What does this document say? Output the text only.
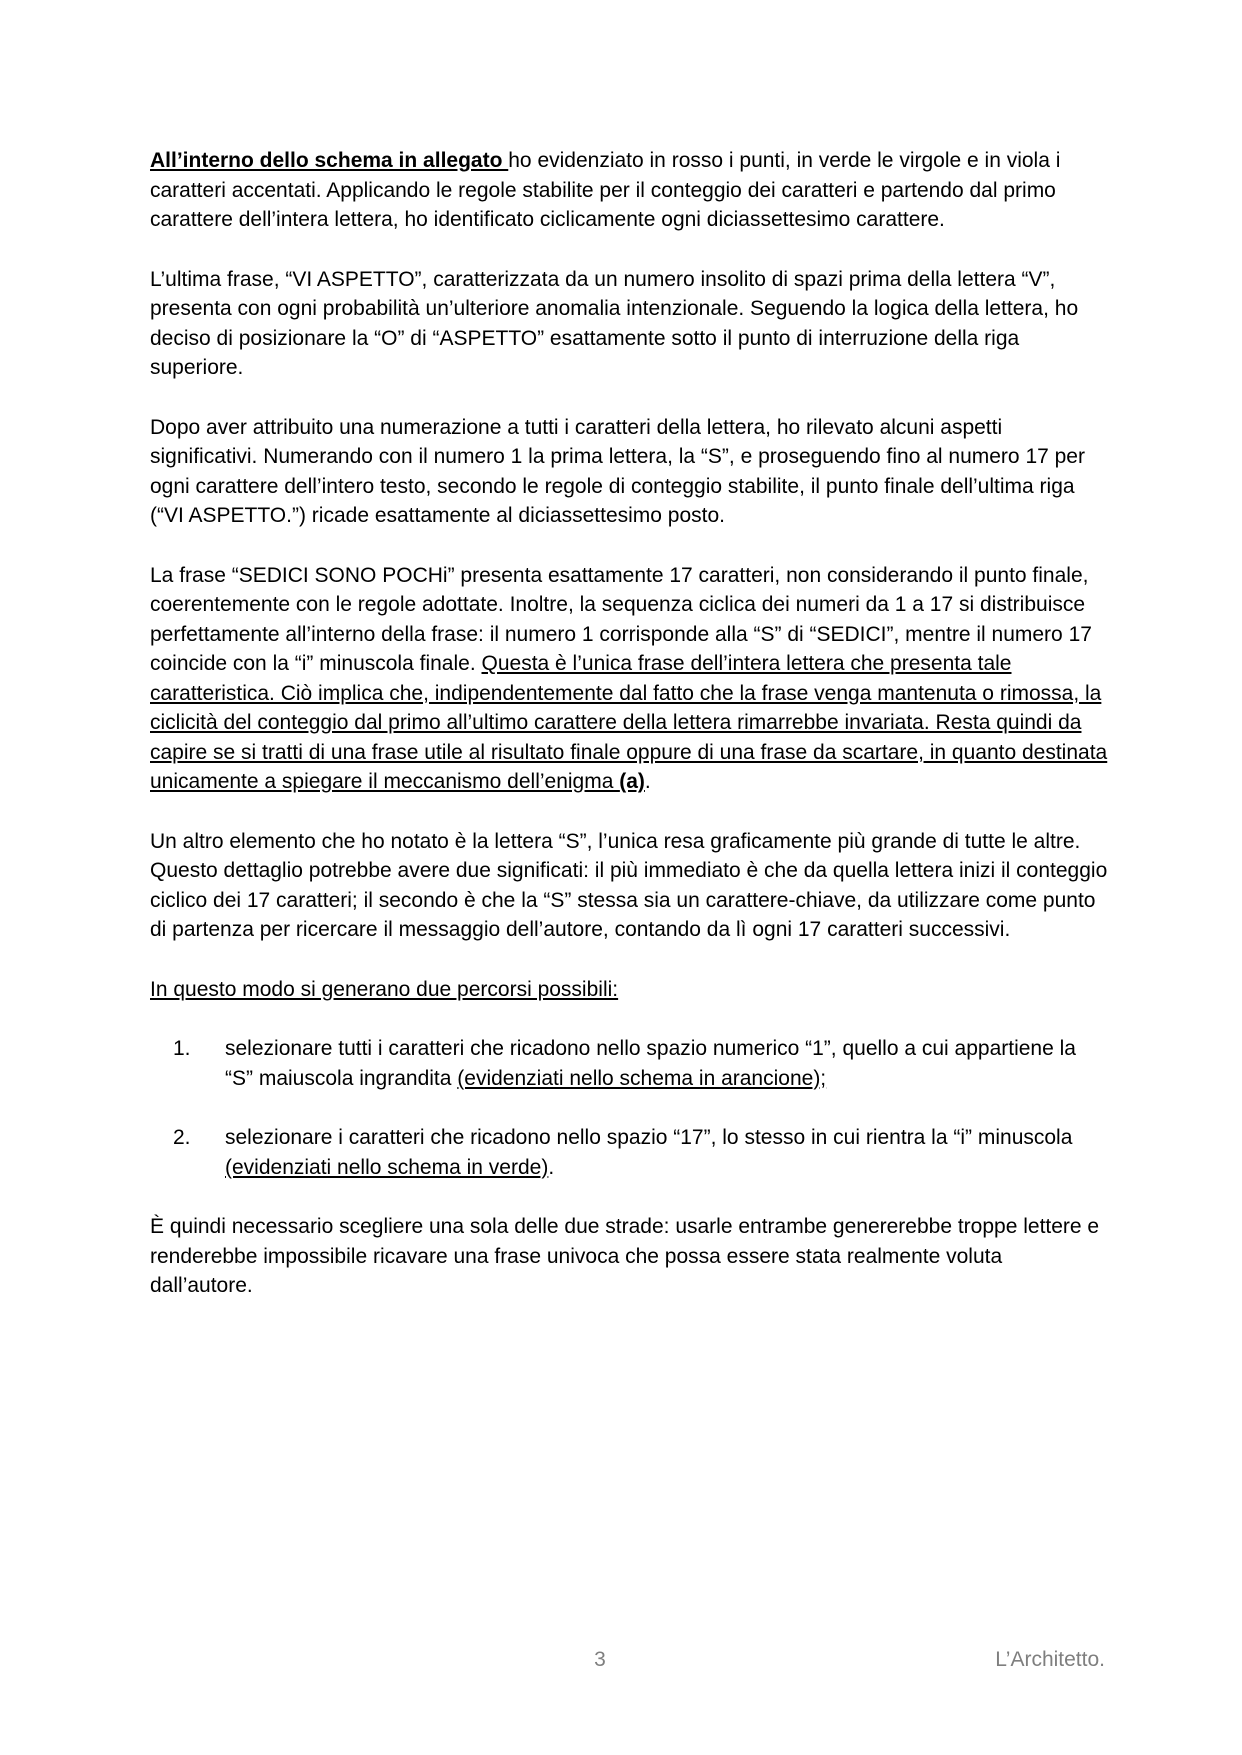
All’interno dello schema in allegato ho evidenziato in rosso i punti, in verde le virgole e in viola i caratteri accentati. Applicando le regole stabilite per il conteggio dei caratteri e partendo dal primo carattere dell’intera lettera, ho identificato ciclicamente ogni diciassettesimo carattere.

L’ultima frase, “VI ASPETTO”, caratterizzata da un numero insolito di spazi prima della lettera “V”, presenta con ogni probabilità un’ulteriore anomalia intenzionale. Seguendo la logica della lettera, ho deciso di posizionare la “O” di “ASPETTO” esattamente sotto il punto di interruzione della riga superiore.

Dopo aver attribuito una numerazione a tutti i caratteri della lettera, ho rilevato alcuni aspetti significativi. Numerando con il numero 1 la prima lettera, la “S”, e proseguendo fino al numero 17 per ogni carattere dell’intero testo, secondo le regole di conteggio stabilite, il punto finale dell’ultima riga (“VI ASPETTO.”) ricade esattamente al diciassettesimo posto.

La frase “SEDICI SONO POCHi” presenta esattamente 17 caratteri, non considerando il punto finale, coerentemente con le regole adottate. Inoltre, la sequenza ciclica dei numeri da 1 a 17 si distribuisce perfettamente all’interno della frase: il numero 1 corrisponde alla “S” di “SEDICI”, mentre il numero 17 coincide con la “i” minuscola finale. Questa è l’unica frase dell’intera lettera che presenta tale caratteristica. Ciò implica che, indipendentemente dal fatto che la frase venga mantenuta o rimossa, la ciclicità del conteggio dal primo all’ultimo carattere della lettera rimarrebbe invariata. Resta quindi da capire se si tratti di una frase utile al risultato finale oppure di una frase da scartare, in quanto destinata unicamente a spiegare il meccanismo dell’enigma (a).

Un altro elemento che ho notato è la lettera “S”, l’unica resa graficamente più grande di tutte le altre. Questo dettaglio potrebbe avere due significati: il più immediato è che da quella lettera inizi il conteggio ciclico dei 17 caratteri; il secondo è che la “S” stessa sia un carattere-chiave, da utilizzare come punto di partenza per ricercare il messaggio dell’autore, contando da lì ogni 17 caratteri successivi.

In questo modo si generano due percorsi possibili:

1. selezionare tutti i caratteri che ricadono nello spazio numerico “1”, quello a cui appartiene la “S” maiuscola ingrandita (evidenziati nello schema in arancione);
2. selezionare i caratteri che ricadono nello spazio “17”, lo stesso in cui rientra la “i” minuscola (evidenziati nello schema in verde).

È quindi necessario scegliere una sola delle due strade: usarle entrambe genererebbe troppe lettere e renderebbe impossibile ricavare una frase univoca che possa essere stata realmente voluta dall’autore.

3	L’Architetto.
